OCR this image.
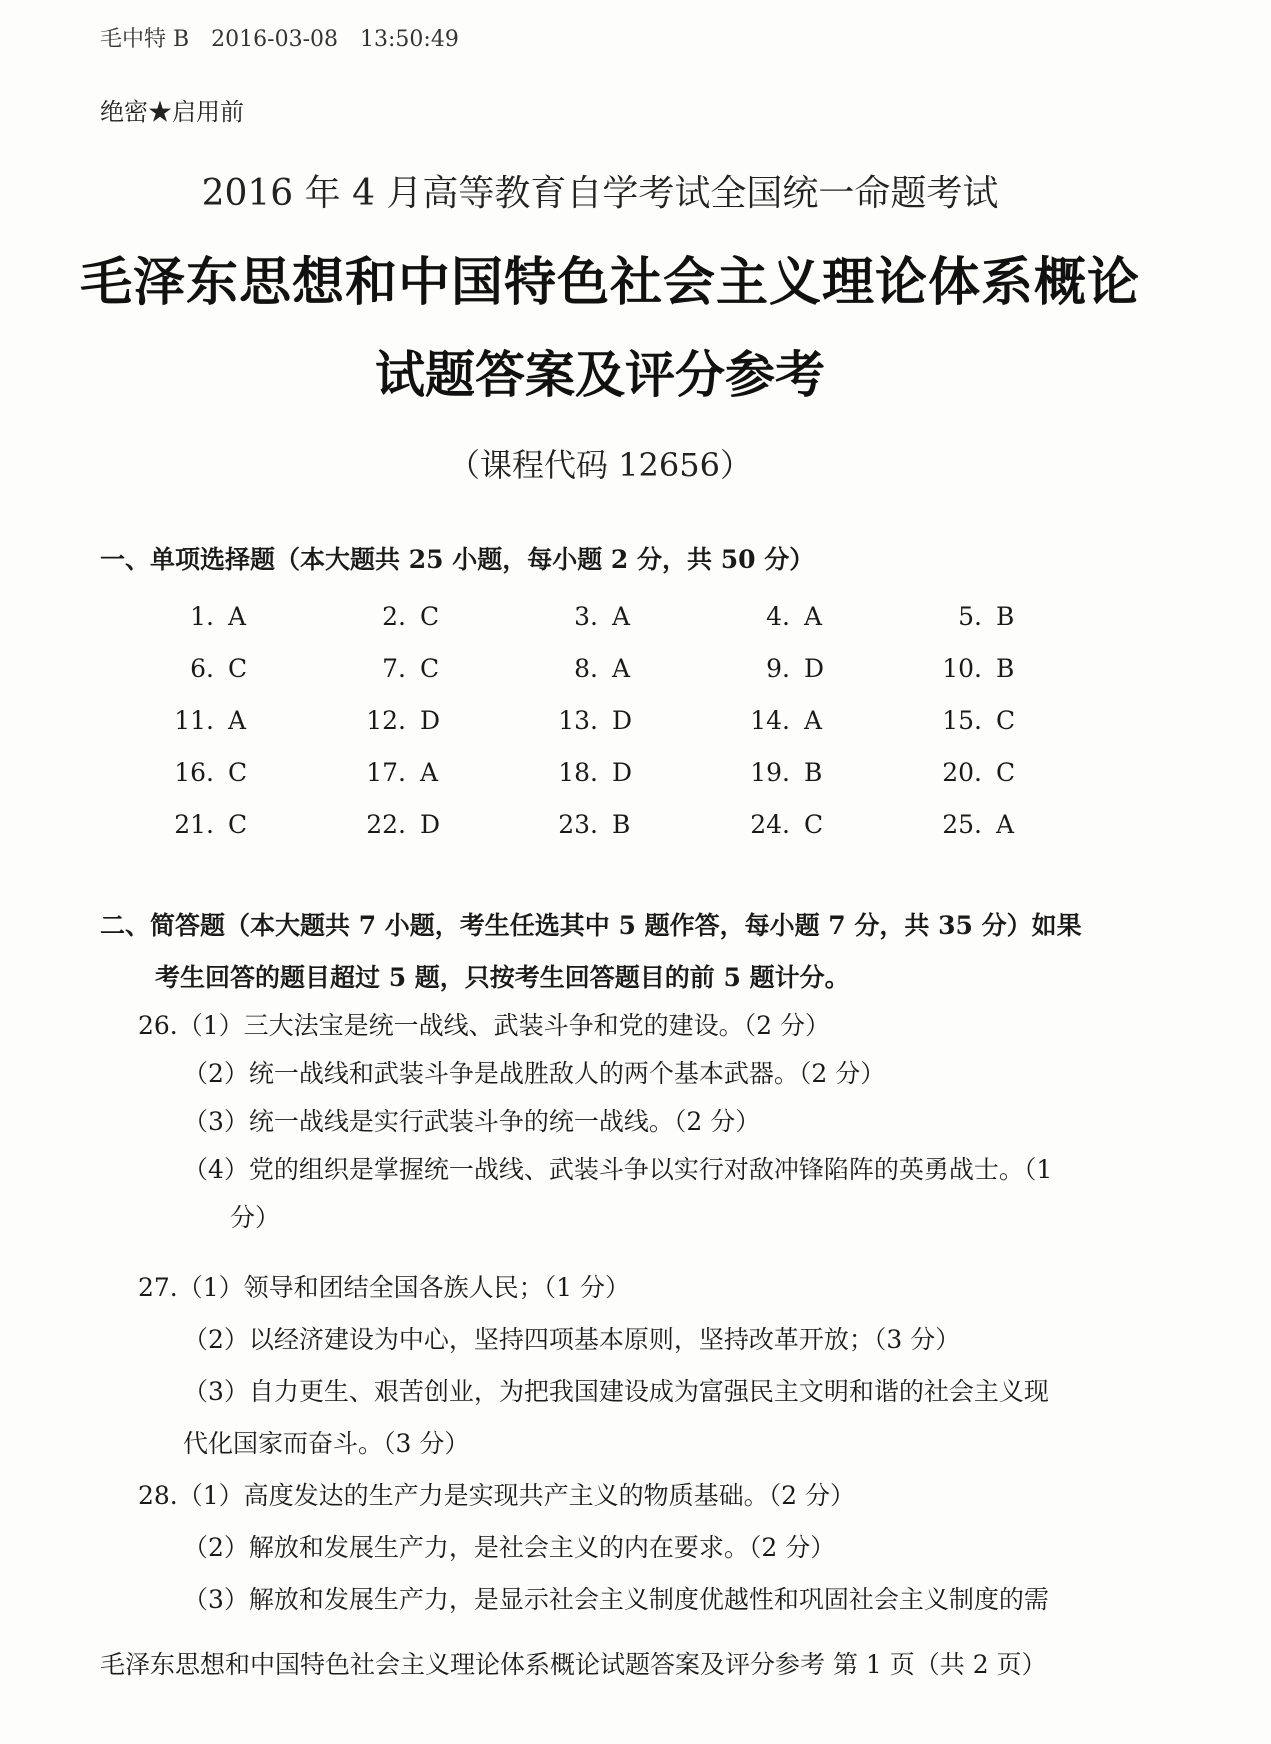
毛中特 B 2016-03-08 13:50:49
绝密★启用前
2016 年 4 月高等教育自学考试全国统一命题考试
毛泽东思想和中国特色社会主义理论体系概论
试题答案及评分参考
（课程代码 12656）
一、单项选择题（本大题共 25 小题，每小题 2 分，共 50 分）
1. A	2. C	3. A	4. A	5. B
6. C	7. C	8. A	9. D	10. B
11. A	12. D	13. D	14. A	15. C
16. C	17. A	18. D	19. B	20. C
21. C	22. D	23. B	24. C	25. A
二、简答题（本大题共 7 小题，考生任选其中 5 题作答，每小题 7 分，共 35 分）如果
考生回答的题目超过 5 题，只按考生回答题目的前 5 题计分。
26.（1）三大法宝是统一战线、武装斗争和党的建设。（2 分）
（2）统一战线和武装斗争是战胜敌人的两个基本武器。（2 分）
（3）统一战线是实行武装斗争的统一战线。（2 分）
（4）党的组织是掌握统一战线、武装斗争以实行对敌冲锋陷阵的英勇战士。（1
分）
27.（1）领导和团结全国各族人民；（1 分）
（2）以经济建设为中心，坚持四项基本原则，坚持改革开放；（3 分）
（3）自力更生、艰苦创业，为把我国建设成为富强民主文明和谐的社会主义现
代化国家而奋斗。（3 分）
28.（1）高度发达的生产力是实现共产主义的物质基础。（2 分）
（2）解放和发展生产力，是社会主义的内在要求。（2 分）
（3）解放和发展生产力，是显示社会主义制度优越性和巩固社会主义制度的需
毛泽东思想和中国特色社会主义理论体系概论试题答案及评分参考 第 1 页（共 2 页）
